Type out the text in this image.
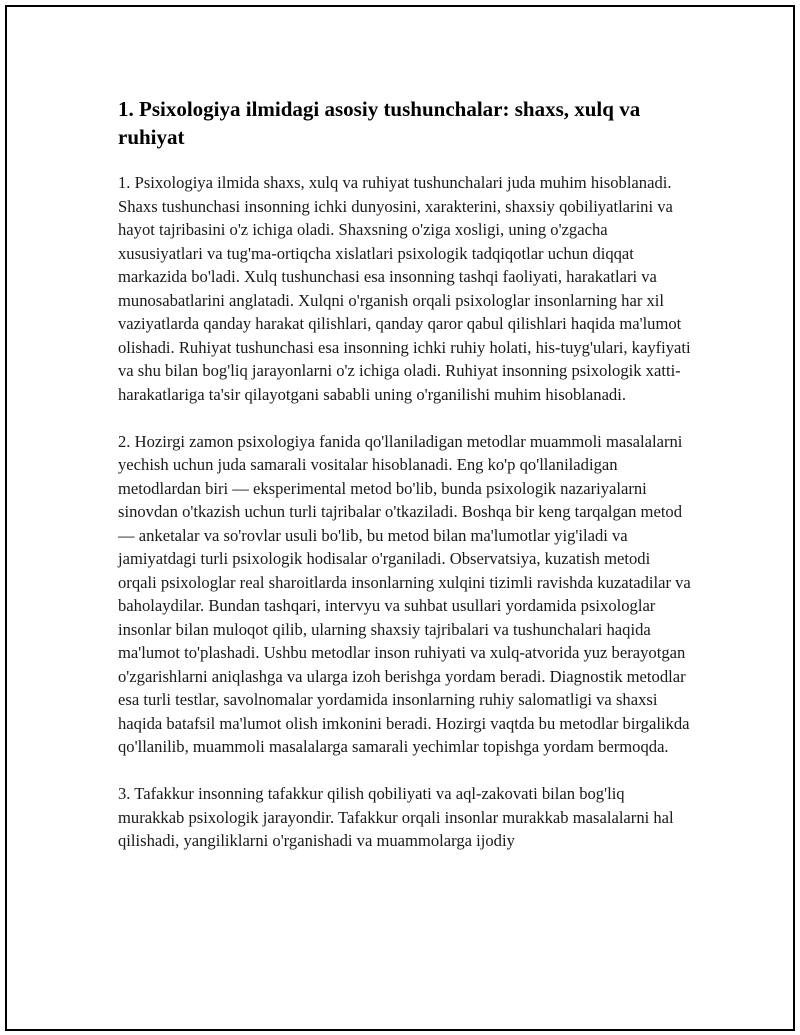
1. Psixologiya ilmidagi asosiy tushunchalar: shaxs, xulq va ruhiyat

1. Psixologiya ilmida shaxs, xulq va ruhiyat tushunchalari juda muhim hisoblanadi. Shaxs tushunchasi insonning ichki dunyosini, xarakterini, shaxsiy qobiliyatlarini va hayot tajribasini o'z ichiga oladi. Shaxsning o'ziga xosligi, uning o'zgacha xususiyatlari va tug'ma-ortiqcha xislatlari psixologik tadqiqotlar uchun diqqat markazida bo'ladi. Xulq tushunchasi esa insonning tashqi faoliyati, harakatlari va munosabatlarini anglatadi. Xulqni o'rganish orqali psixologlar insonlarning har xil vaziyatlarda qanday harakat qilishlari, qanday qaror qabul qilishlari haqida ma'lumot olishadi. Ruhiyat tushunchasi esa insonning ichki ruhiy holati, his-tuyg'ulari, kayfiyati va shu bilan bog'liq jarayonlarni o'z ichiga oladi. Ruhiyat insonning psixologik xatti-harakatlariga ta'sir qilayotgani sababli uning o'rganilishi muhim hisoblanadi.

2. Hozirgi zamon psixologiya fanida qo'llaniladigan metodlar muammoli masalalarni yechish uchun juda samarali vositalar hisoblanadi. Eng ko'p qo'llaniladigan metodlardan biri — eksperimental metod bo'lib, bunda psixologik nazariyalarni sinovdan o'tkazish uchun turli tajribalar o'tkaziladi. Boshqa bir keng tarqalgan metod — anketalar va so'rovlar usuli bo'lib, bu metod bilan ma'lumotlar yig'iladi va jamiyatdagi turli psixologik hodisalar o'rganiladi. Observatsiya, kuzatish metodi orqali psixologlar real sharoitlarda insonlarning xulqini tizimli ravishda kuzatadilar va baholaydilar. Bundan tashqari, intervyu va suhbat usullari yordamida psixologlar insonlar bilan muloqot qilib, ularning shaxsiy tajribalari va tushunchalari haqida ma'lumot to'plashadi. Ushbu metodlar inson ruhiyati va xulq-atvorida yuz berayotgan o'zgarishlarni aniqlashga va ularga izoh berishga yordam beradi. Diagnostik metodlar esa turli testlar, savolnomalar yordamida insonlarning ruhiy salomatligi va shaxsi haqida batafsil ma'lumot olish imkonini beradi. Hozirgi vaqtda bu metodlar birgalikda qo'llanilib, muammoli masalalarga samarali yechimlar topishga yordam bermoqda.

3. Tafakkur insonning tafakkur qilish qobiliyati va aql-zakovati bilan bog'liq murakkab psixologik jarayondir. Tafakkur orqali insonlar murakkab masalalarni hal qilishadi, yangiliklarni o'rganishadi va muammolarga ijodiy
